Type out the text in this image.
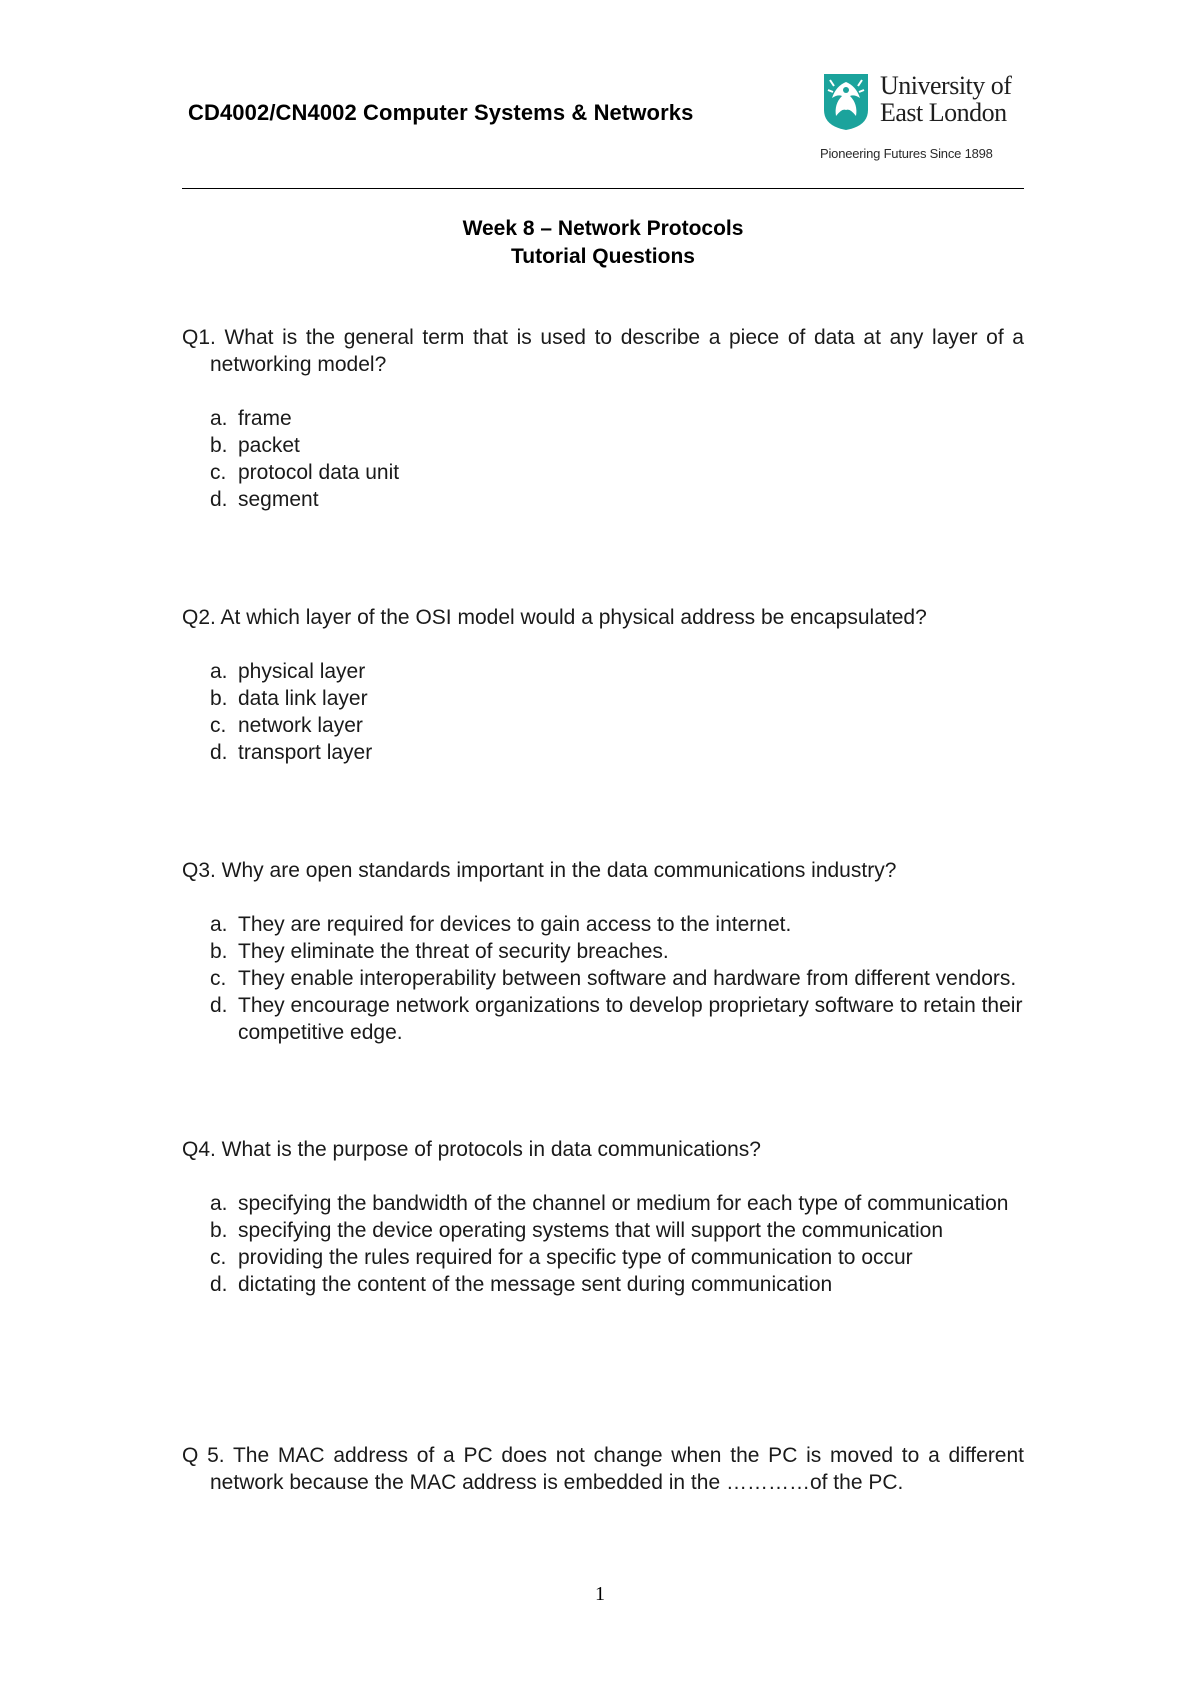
CD4002/CN4002 Computer Systems & Networks
University of
East London
Pioneering Futures Since 1898
Week 8 – Network Protocols
Tutorial Questions
Q1. What is the general term that is used to describe a piece of data at any layer of a networking model?
a. frame
b. packet
c. protocol data unit
d. segment
Q2. At which layer of the OSI model would a physical address be encapsulated?
a. physical layer
b. data link layer
c. network layer
d. transport layer
Q3. Why are open standards important in the data communications industry?
a. They are required for devices to gain access to the internet.
b. They eliminate the threat of security breaches.
c. They enable interoperability between software and hardware from different vendors.
d. They encourage network organizations to develop proprietary software to retain their competitive edge.
Q4. What is the purpose of protocols in data communications?
a. specifying the bandwidth of the channel or medium for each type of communication
b. specifying the device operating systems that will support the communication
c. providing the rules required for a specific type of communication to occur
d. dictating the content of the message sent during communication
Q 5. The MAC address of a PC does not change when the PC is moved to a different network because the MAC address is embedded in the …………of the PC.
1
